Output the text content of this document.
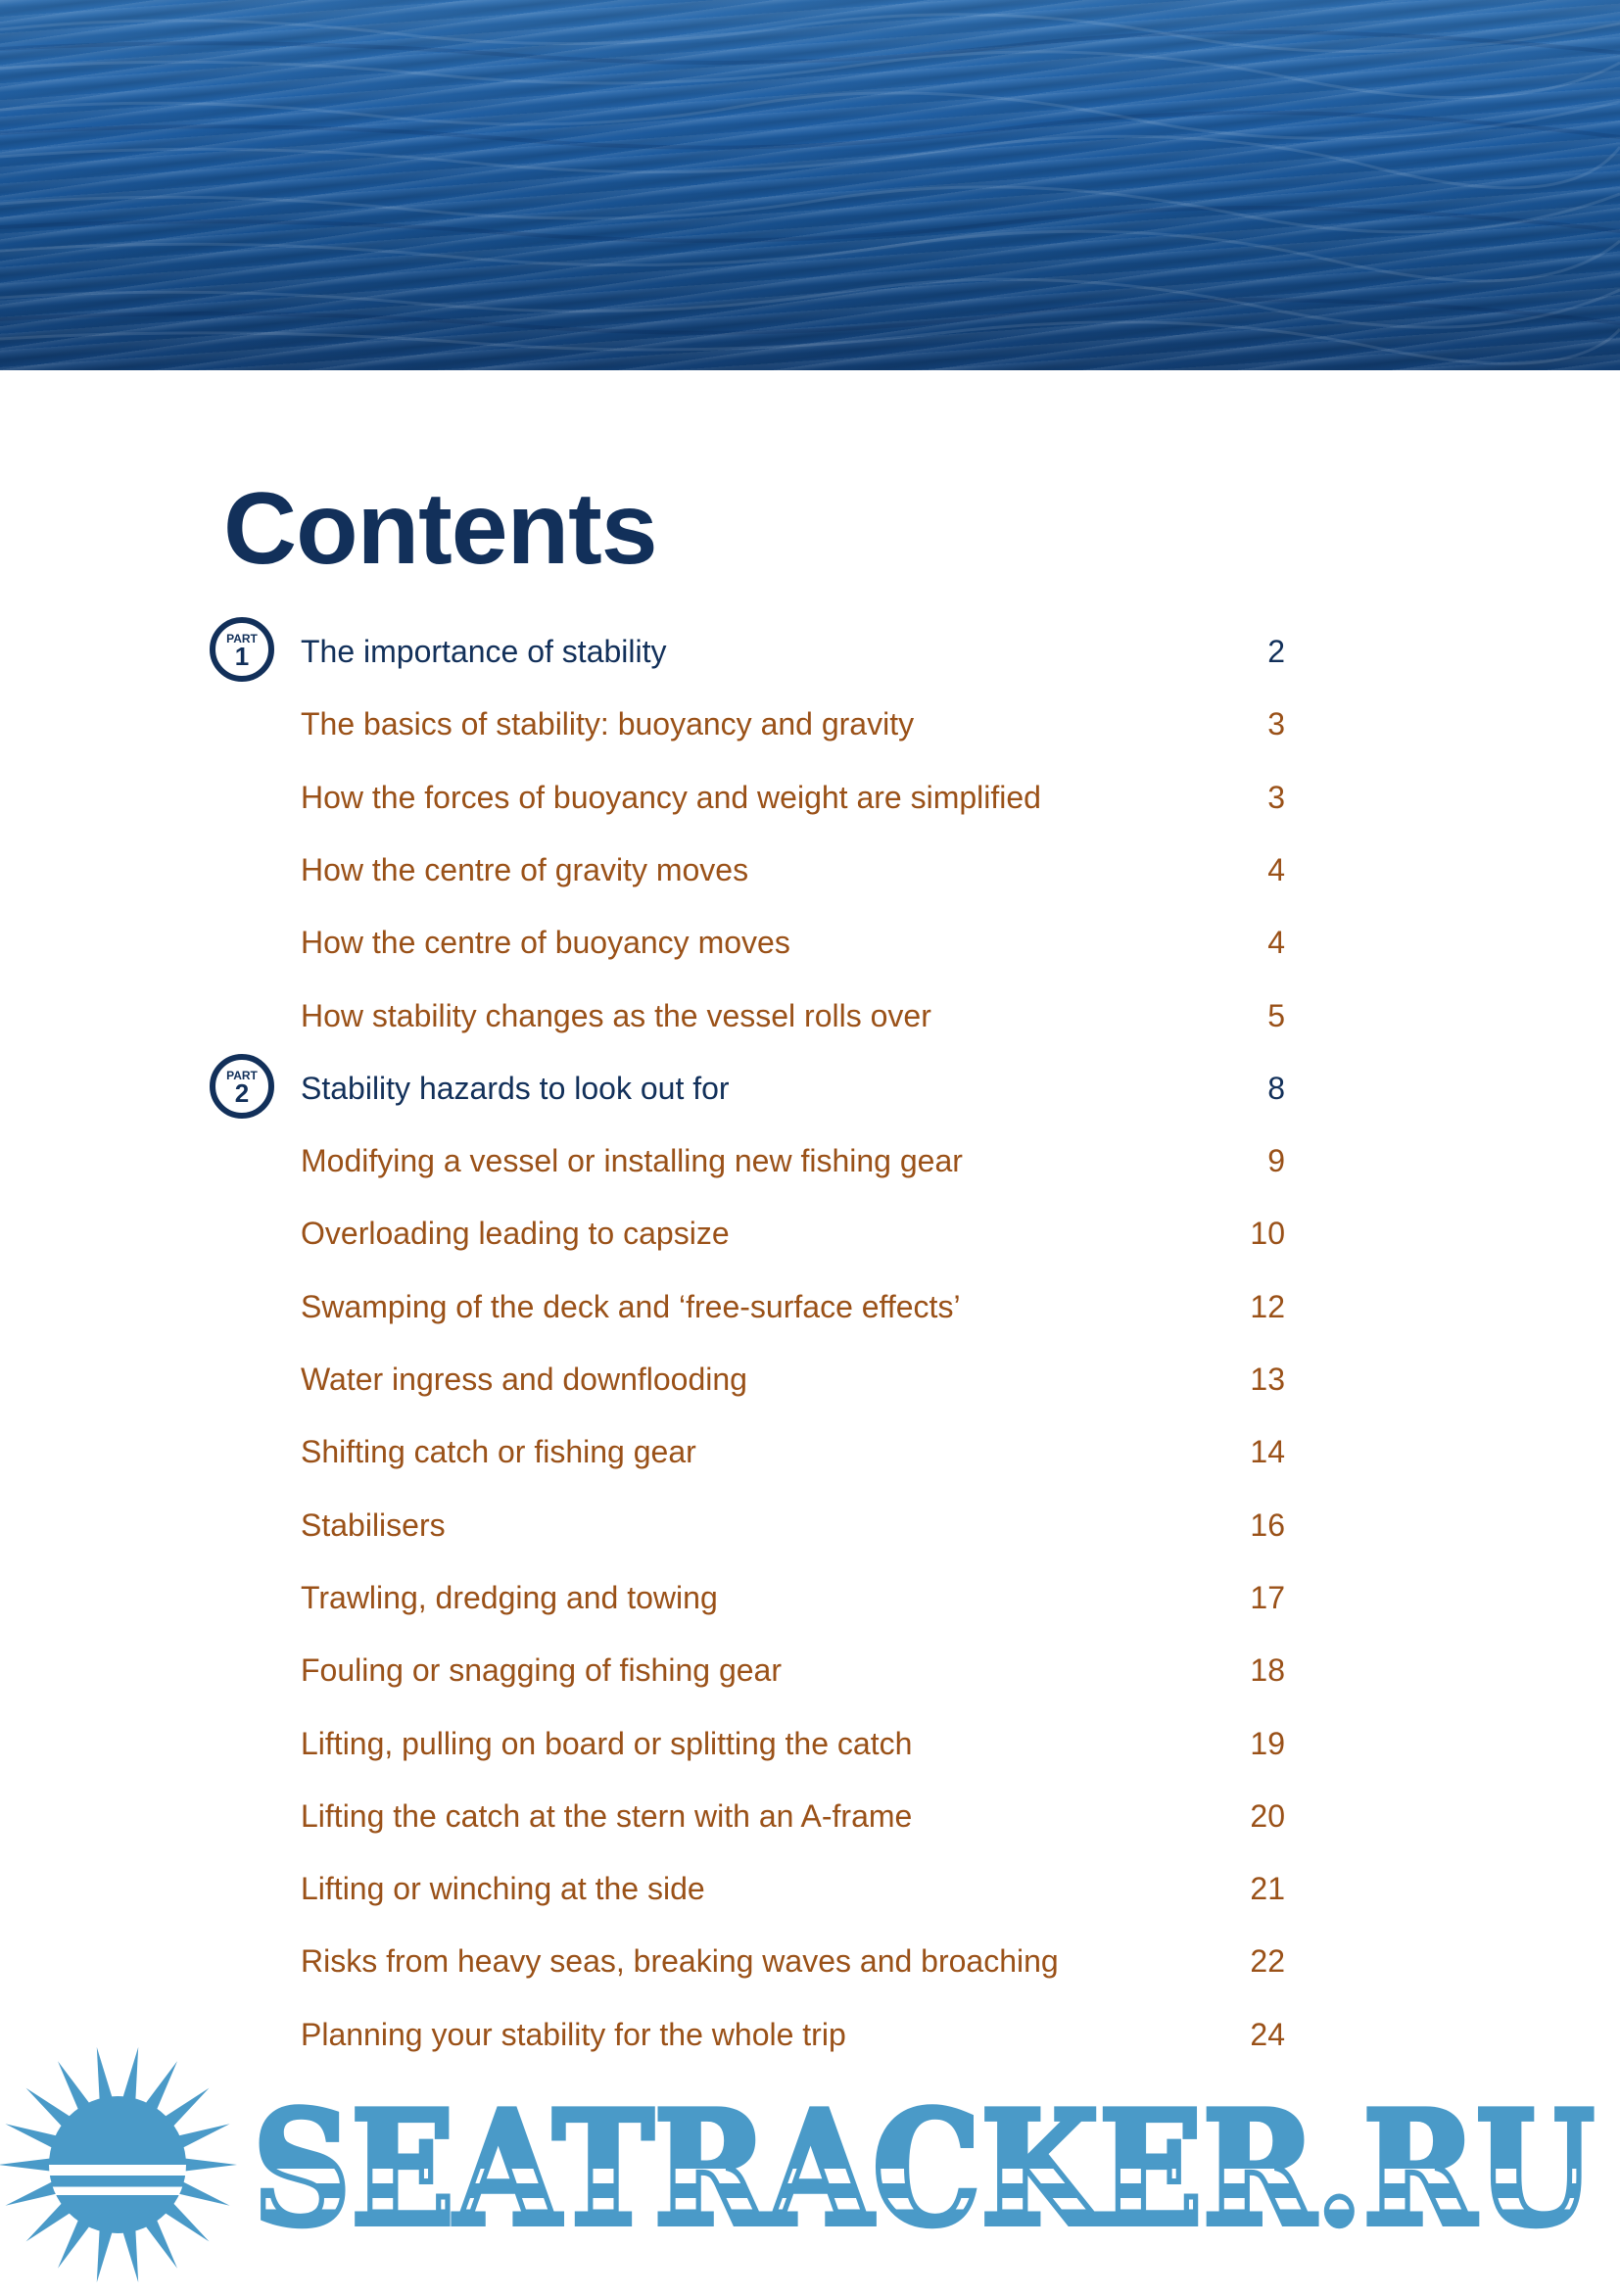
Contents
PART
1	The importance of stability	2
The basics of stability: buoyancy and gravity	3
How the forces of buoyancy and weight are simplified	3
How the centre of gravity moves	4
How the centre of buoyancy moves	4
How stability changes as the vessel rolls over	5
PART
2	Stability hazards to look out for	8
Modifying a vessel or installing new fishing gear	9
Overloading leading to capsize	10
Swamping of the deck and ‘free-surface effects’	12
Water ingress and downflooding	13
Shifting catch or fishing gear	14
Stabilisers	16
Trawling, dredging and towing	17
Fouling or snagging of fishing gear	18
Lifting, pulling on board or splitting the catch	19
Lifting the catch at the stern with an A-frame	20
Lifting or winching at the side	21
Risks from heavy seas, breaking waves and broaching	22
Planning your stability for the whole trip	24
SEATRACKER.RU
